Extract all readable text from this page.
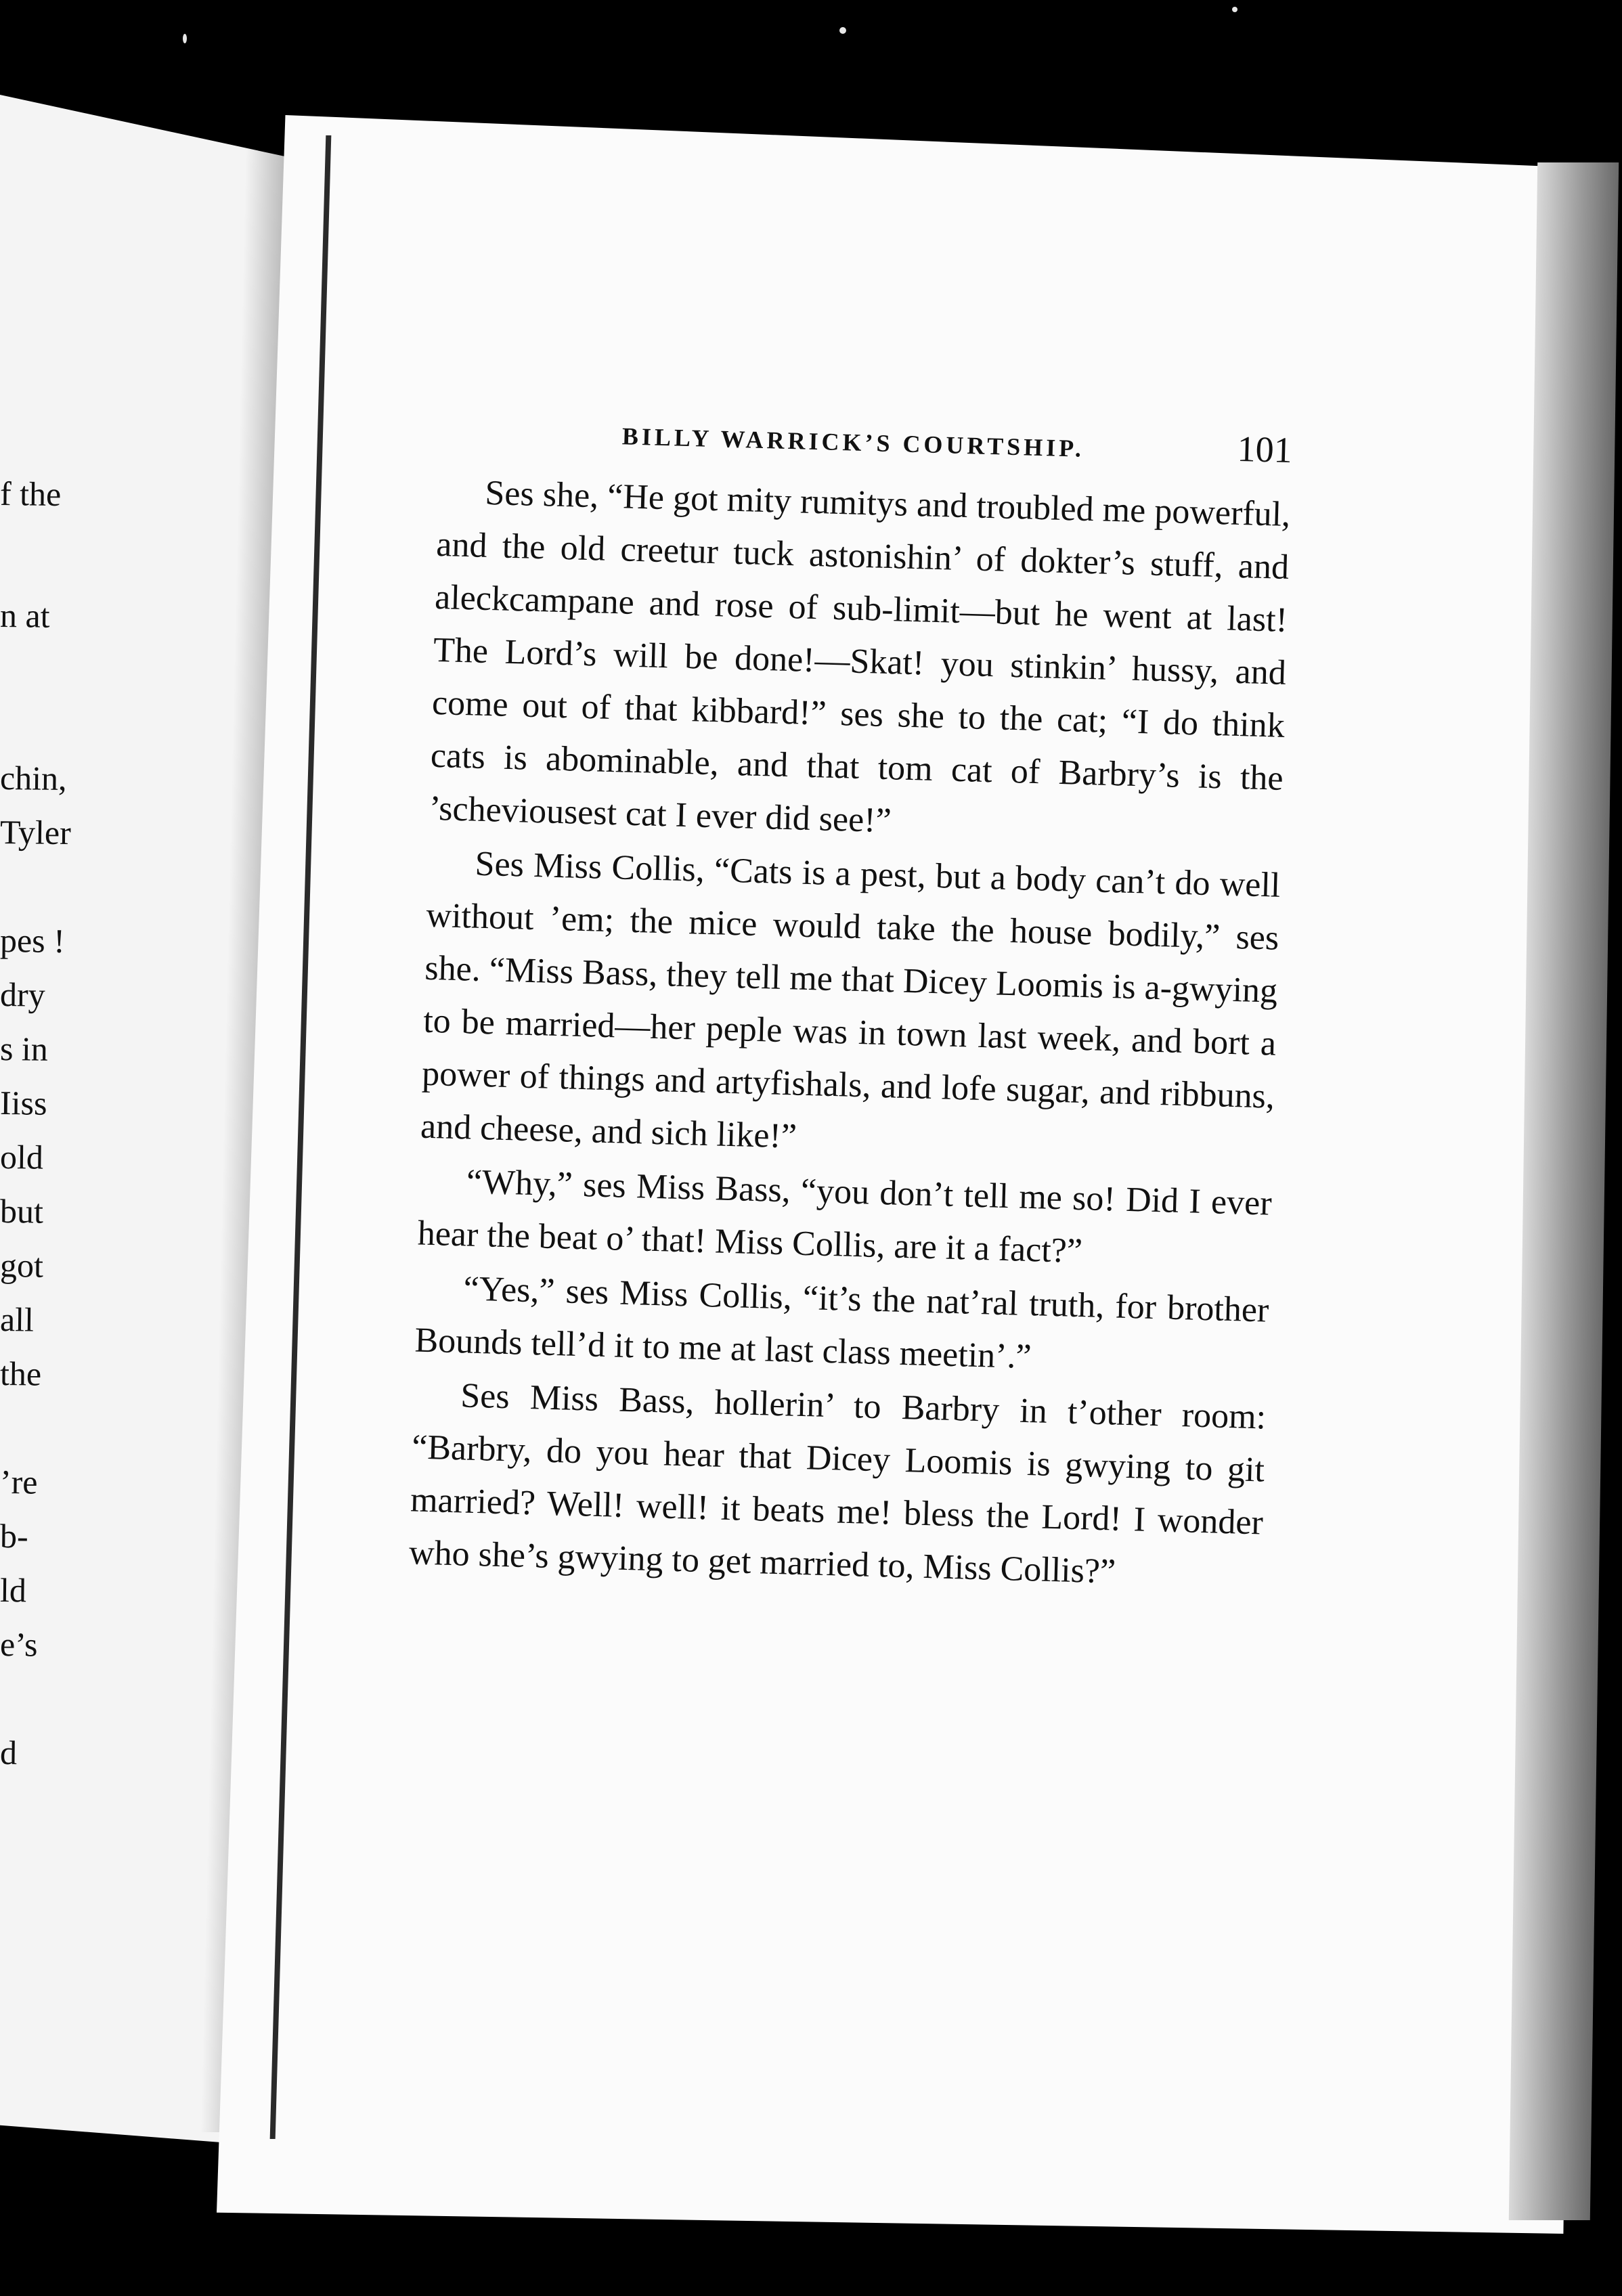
f the
n at
chin,
Tyler
pes !
dry
s in
Iiss
old
but
got
all
the
’re
b-
ld
e’s
d
BILLY WARRICK’S COURTSHIP.	101

Ses she, “He got mity rumitys and troubled me powerful, and the old creetur tuck astonishin’ of dokter’s stuff, and aleckcampane and rose of sub-limit—but he went at last! The Lord’s will be done!—Skat! you stinkin’ hussy, and come out of that kibbard!” ses she to the cat; “I do think cats is abominable, and that tom cat of Barbry’s is the ’scheviousest cat I ever did see!”

Ses Miss Collis, “Cats is a pest, but a body can’t do well without ’em; the mice would take the house bodily,” ses she. “Miss Bass, they tell me that Dicey Loomis is a-gwying to be married—her peple was in town last week, and bort a power of things and artyfishals, and lofe sugar, and ribbuns, and cheese, and sich like!”

“Why,” ses Miss Bass, “you don’t tell me so! Did I ever hear the beat o’ that! Miss Collis, are it a fact?”

“Yes,” ses Miss Collis, “it’s the nat’ral truth, for brother Bounds tell’d it to me at last class meetin’.”

Ses Miss Bass, hollerin’ to Barbry in t’other room: “Barbry, do you hear that Dicey Loomis is gwying to git married? Well! well! it beats me! bless the Lord! I wonder who she’s gwying to get married to, Miss Collis?”
